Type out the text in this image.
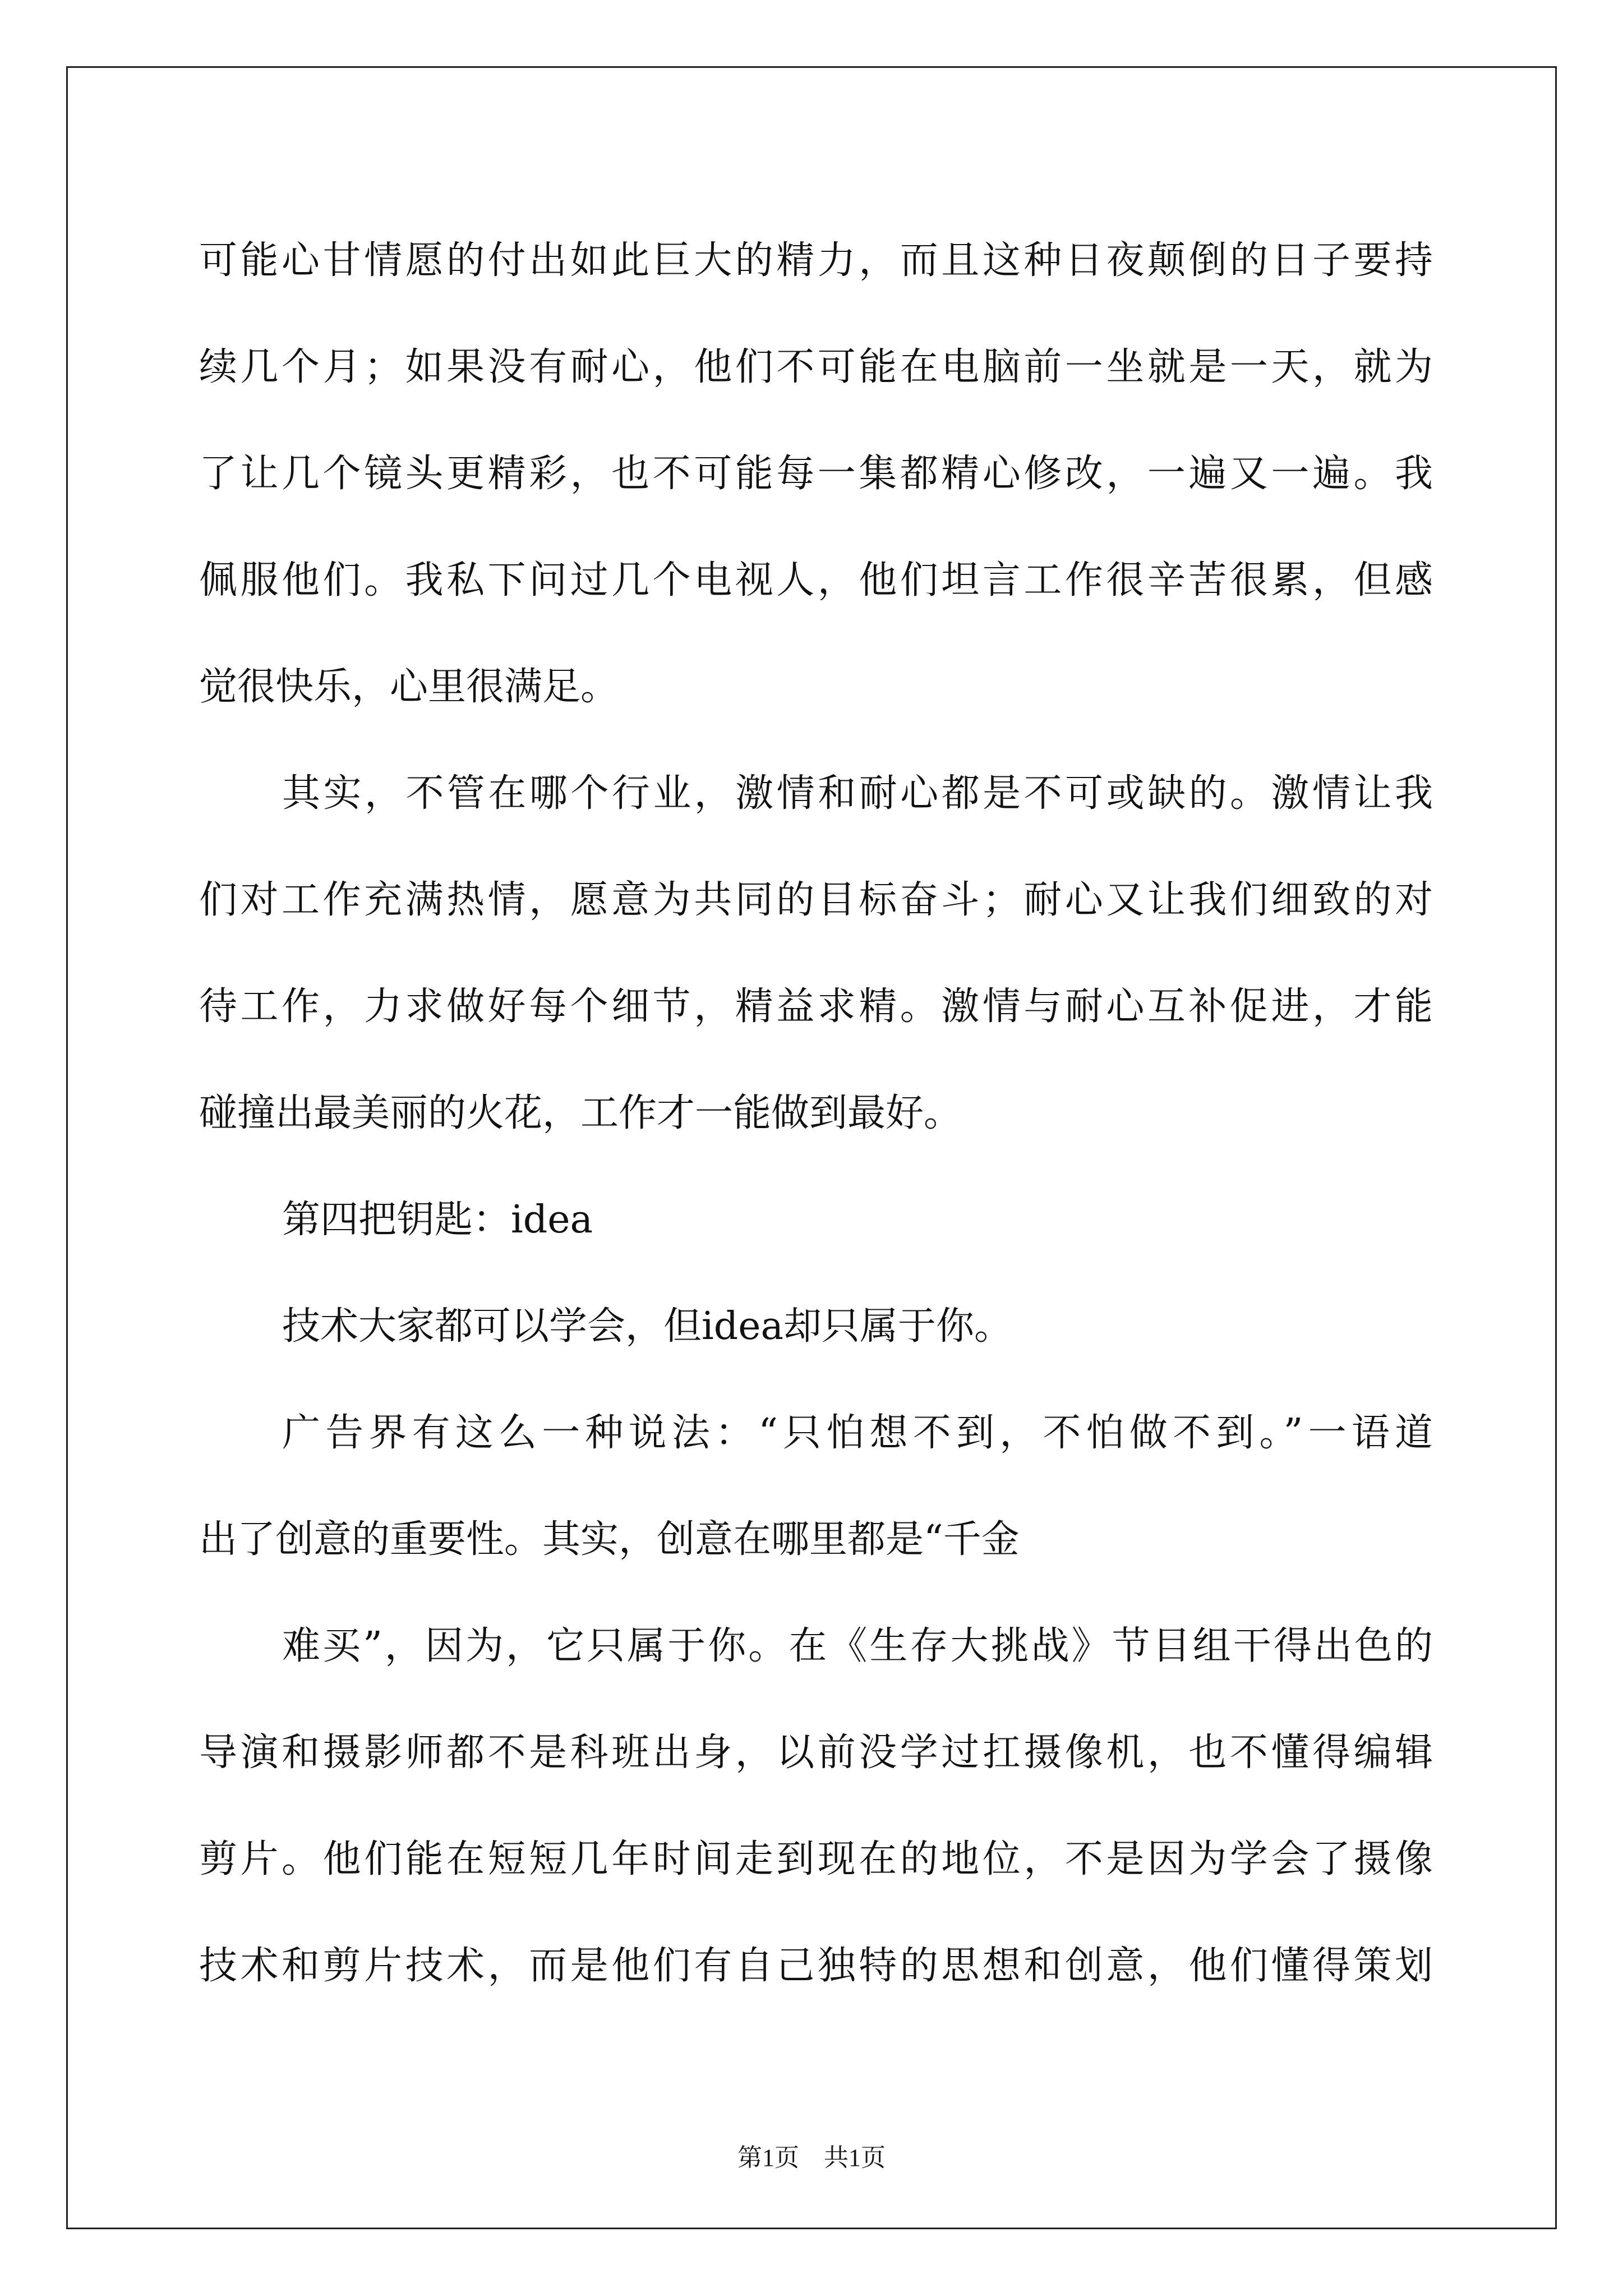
可能心甘情愿的付出如此巨大的精力，而且这种日夜颠倒的日子要持
续几个月；如果没有耐心，他们不可能在电脑前一坐就是一天，就为
了让几个镜头更精彩，也不可能每一集都精心修改，一遍又一遍。我
佩服他们。我私下问过几个电视人，他们坦言工作很辛苦很累，但感
觉很快乐，心里很满足。
其实，不管在哪个行业，激情和耐心都是不可或缺的。激情让我
们对工作充满热情，愿意为共同的目标奋斗；耐心又让我们细致的对
待工作，力求做好每个细节，精益求精。激情与耐心互补促进，才能
碰撞出最美丽的火花，工作才一能做到最好。
第四把钥匙：idea
技术大家都可以学会，但idea却只属于你。
广告界有这么一种说法：“只怕想不到，不怕做不到。”一语道
出了创意的重要性。其实，创意在哪里都是“千金
难买”，因为，它只属于你。在《生存大挑战》节目组干得出色的
导演和摄影师都不是科班出身，以前没学过扛摄像机，也不懂得编辑
剪片。他们能在短短几年时间走到现在的地位，不是因为学会了摄像
技术和剪片技术，而是他们有自己独特的思想和创意，他们懂得策划
第1页　共1页
